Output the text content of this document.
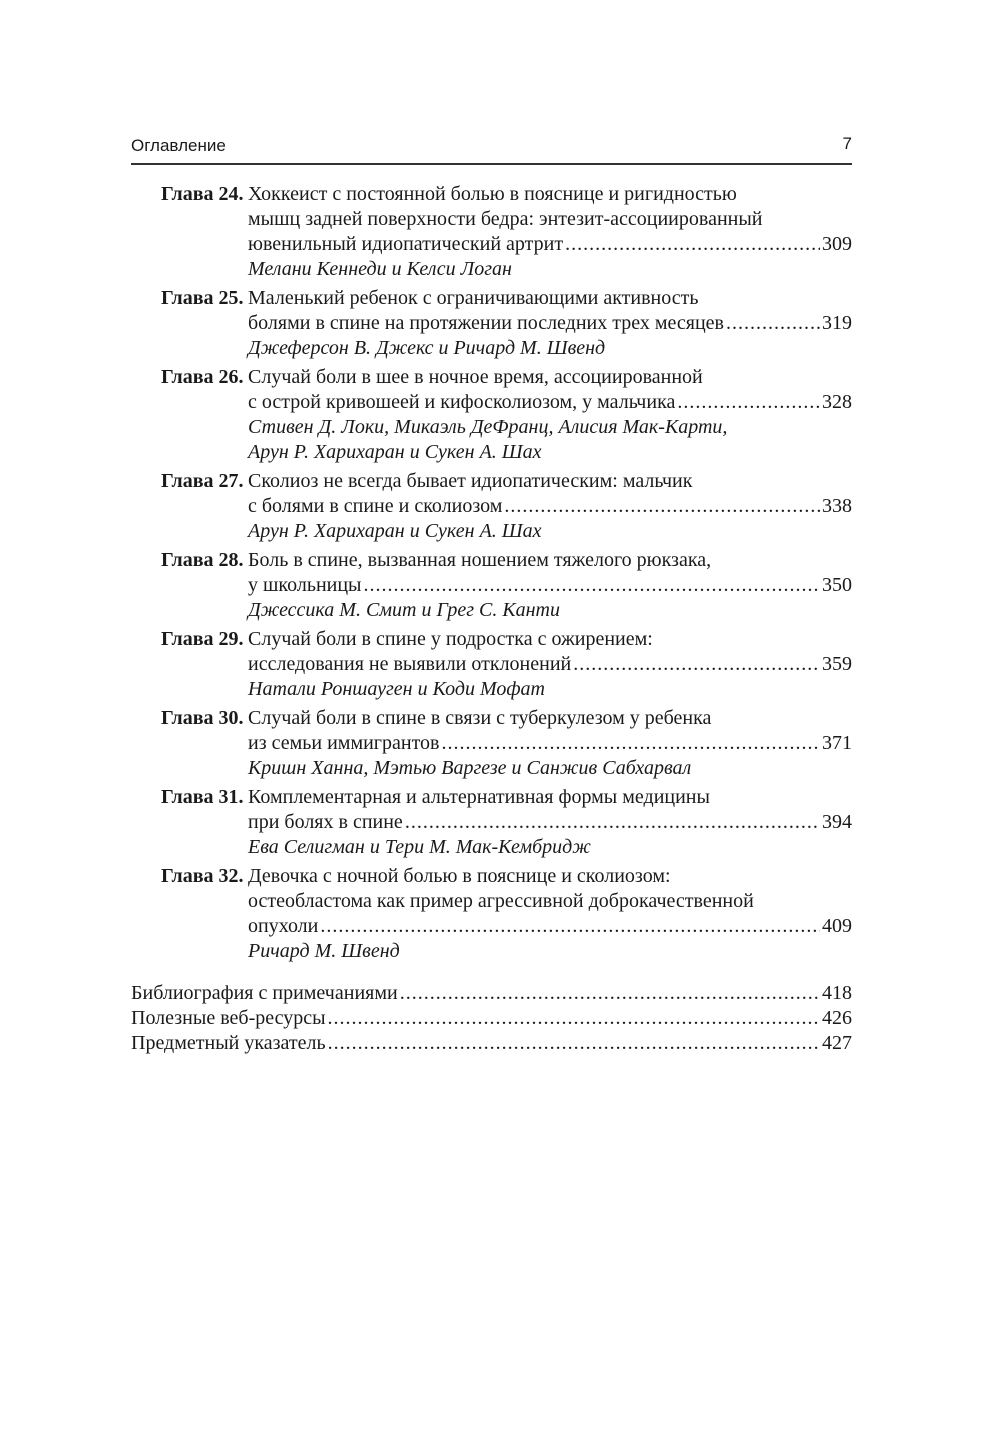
Оглавление	7
Глава 24. Хоккеист с постоянной болью в пояснице и ригидностью
мышц задней поверхности бедра: энтезит-ассоциированный
ювенильный идиопатический артрит .....	309
Мелани Кеннеди и Келси Логан
Глава 25. Маленький ребенок с ограничивающими активность
болями в спине на протяжении последних трех месяцев .....	319
Джеферсон В. Джекс и Ричард М. Швенд
Глава 26. Случай боли в шее в ночное время, ассоциированной
с острой кривошеей и кифосколиозом, у мальчика .....	328
Стивен Д. Локи, Микаэль ДеФранц, Алисия Мак-Карти,
Арун Р. Харихаран и Сукен А. Шах
Глава 27. Сколиоз не всегда бывает идиопатическим: мальчик
с болями в спине и сколиозом .....	338
Арун Р. Харихаран и Сукен А. Шах
Глава 28. Боль в спине, вызванная ношением тяжелого рюкзака,
у школьницы .....	350
Джессика М. Смит и Грег С. Канти
Глава 29. Случай боли в спине у подростка с ожирением:
исследования не выявили отклонений .....	359
Натали Роншауген и Коди Мофат
Глава 30. Случай боли в спине в связи с туберкулезом у ребенка
из семьи иммигрантов .....	371
Кришн Ханна, Мэтью Варгезе и Санжив Сабхарвал
Глава 31. Комплементарная и альтернативная формы медицины
при болях в спине .....	394
Ева Селигман и Тери М. Мак-Кембридж
Глава 32. Девочка с ночной болью в пояснице и сколиозом:
остеобластома как пример агрессивной доброкачественной
опухоли .....	409
Ричард М. Швенд
Библиография с примечаниями .....	418
Полезные веб-ресурсы .....	426
Предметный указатель .....	427
